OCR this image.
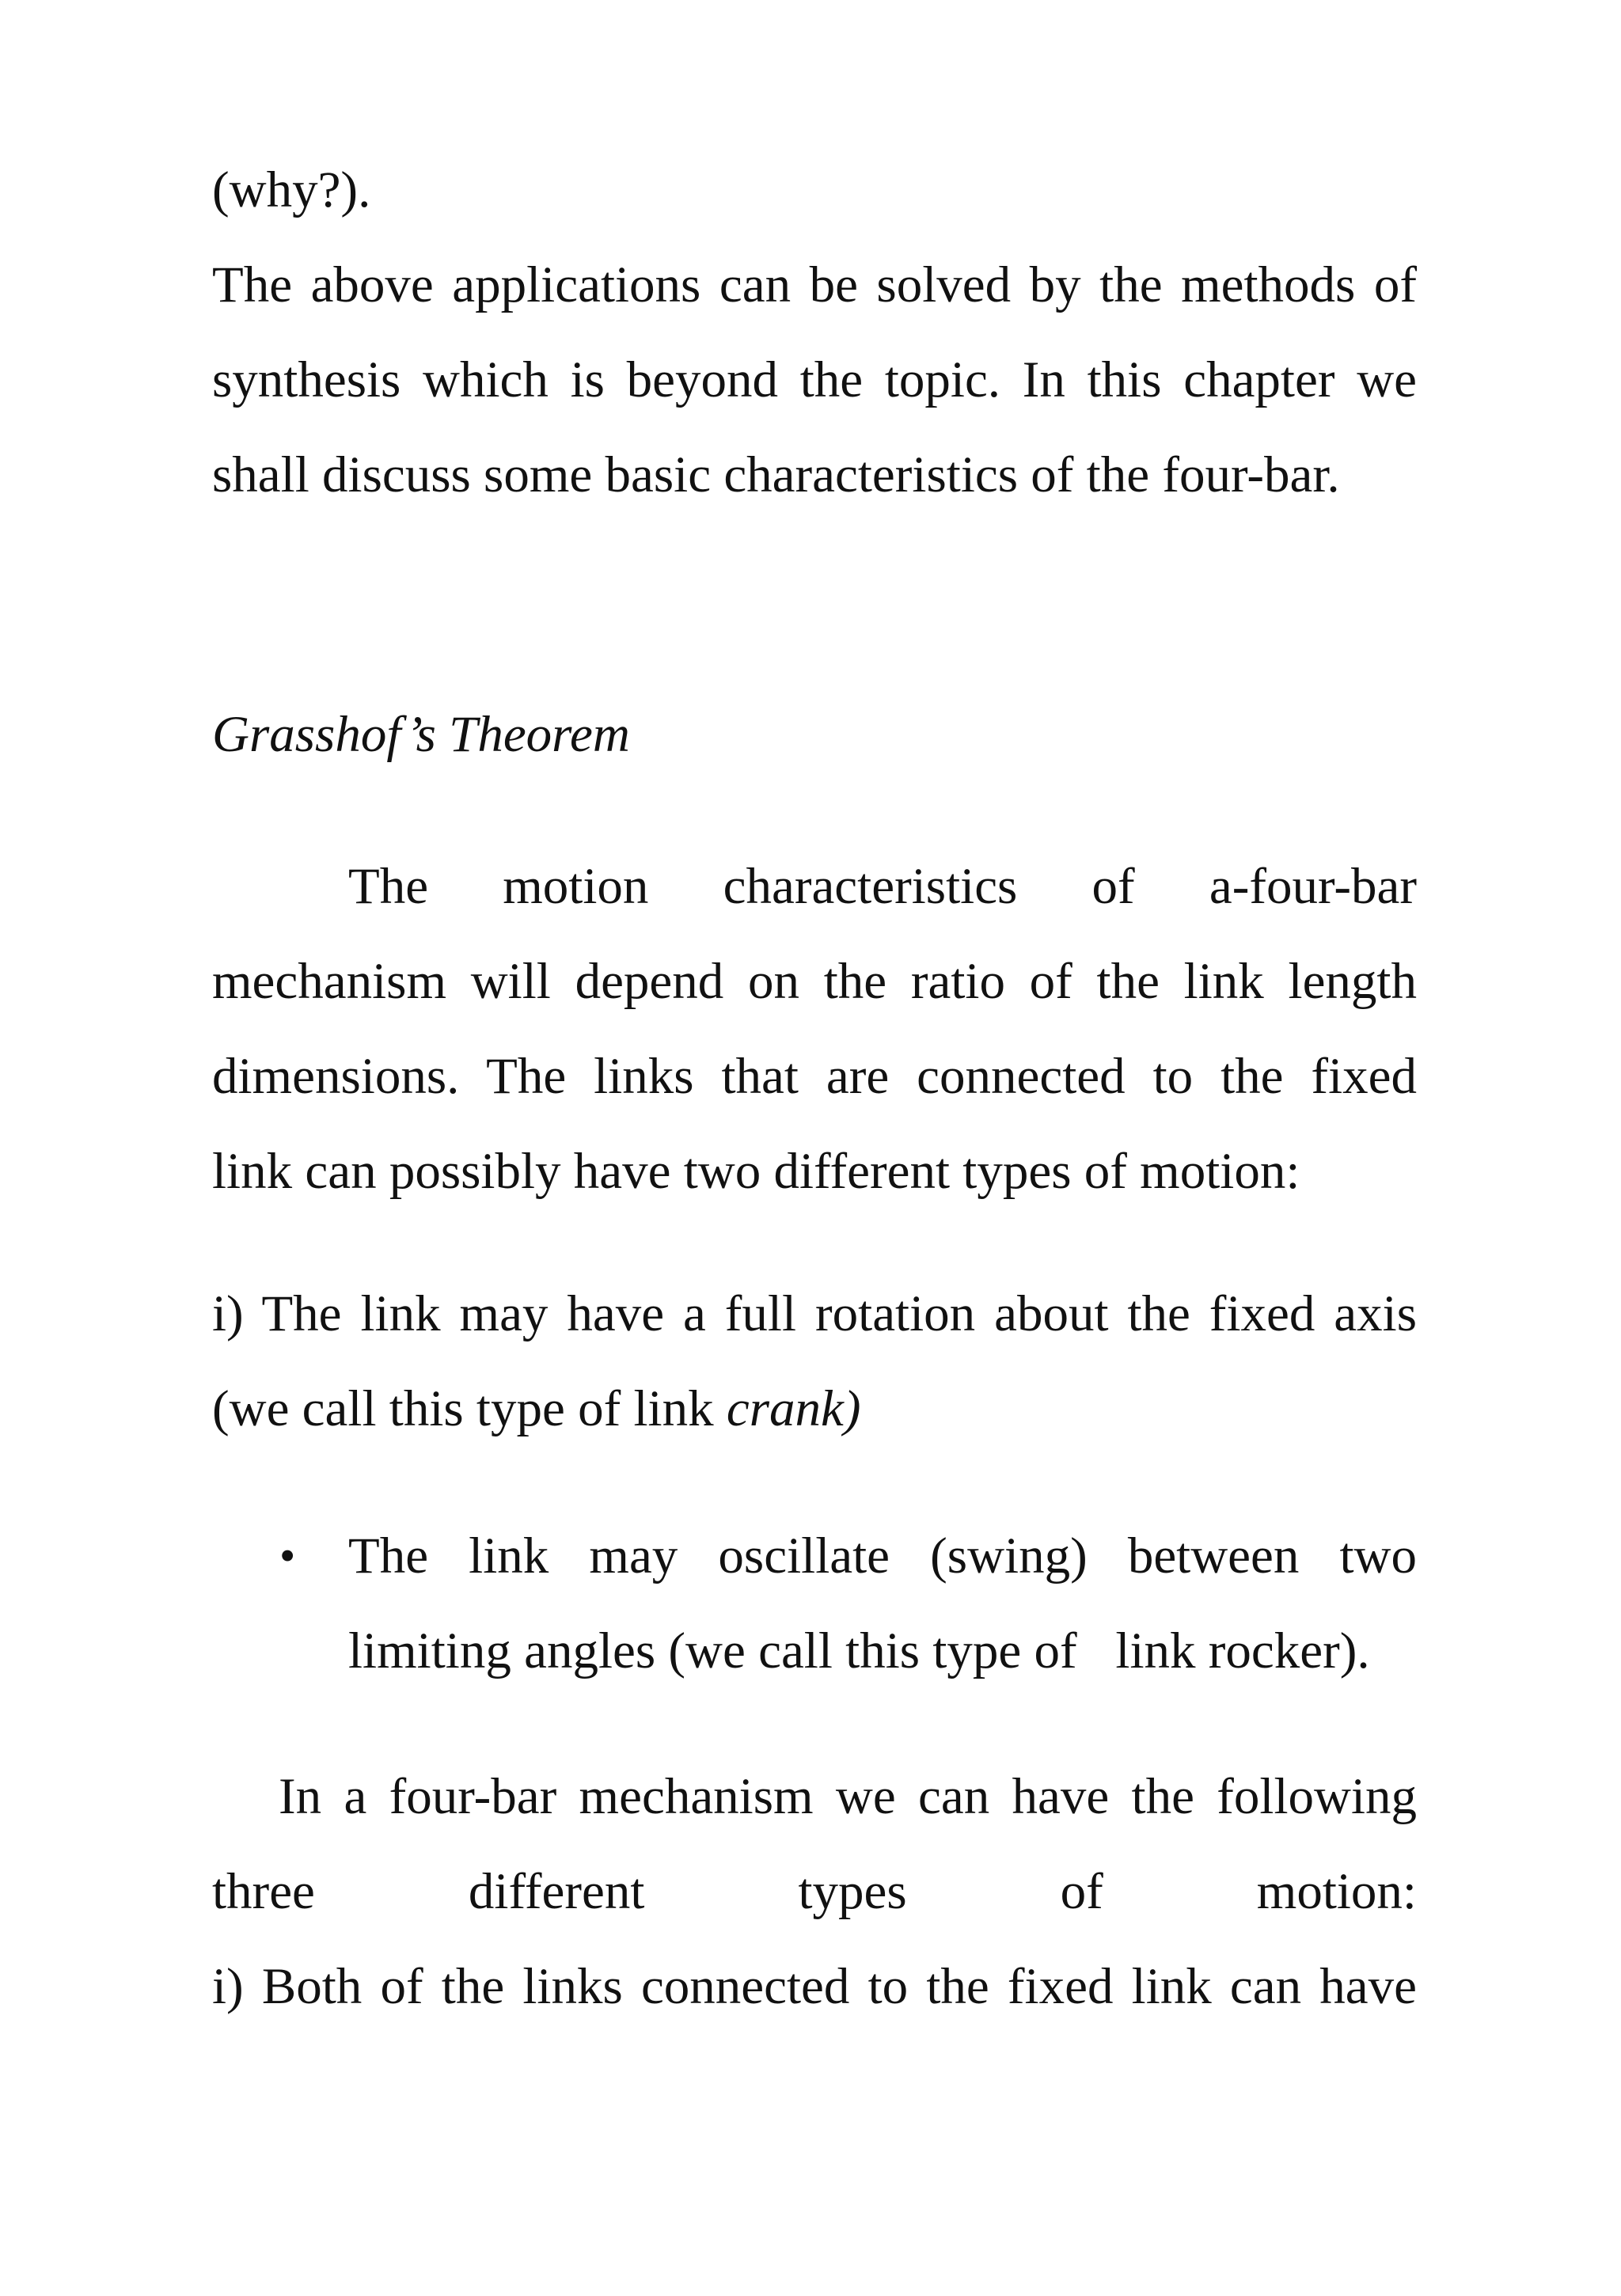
(why?).

The above applications can be solved by the methods of
synthesis which is beyond the topic. In this chapter we
shall discuss some basic characteristics of the four-bar.

Grasshof’s Theorem

The motion characteristics of a-four-bar
mechanism will depend on the ratio of the link length
dimensions. The links that are connected to the fixed
link can possibly have two different types of motion:

i) The link may have a full rotation about the fixed axis
(we call this type of link crank)

• The link may oscillate (swing) between two
limiting angles (we call this type of   link rocker).

In a four-bar mechanism we can have the following
three different types of motion:
i) Both of the links connected to the fixed link can have
